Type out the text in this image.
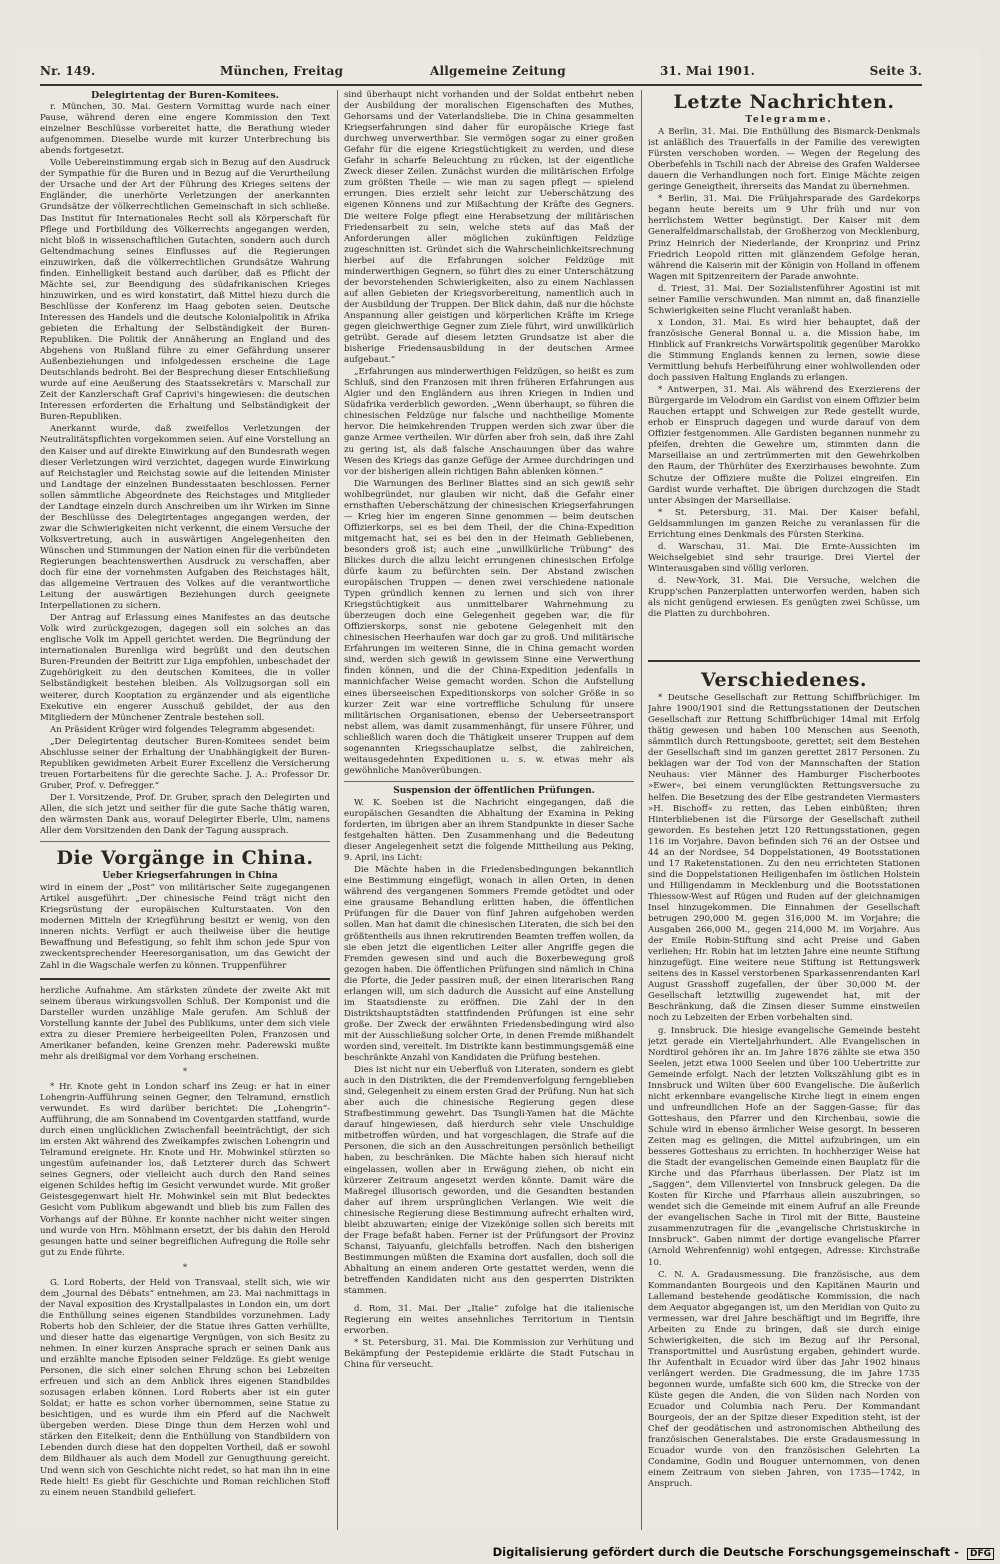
Nr. 149.	München, Freitag	Allgemeine Zeitung	31. Mai 1901.	Seite 3.

Delegirtentag der Buren-Komitees.

r. München, 30. Mai. Gestern Vormittag wurde nach einer Pause, während deren eine engere Kommission den Text einzelner Beschlüsse vorbereitet hatte, die Berathung wieder aufgenommen. Dieselbe wurde mit kurzer Unterbrechung bis abends fortgesetzt.

Volle Uebereinstimmung ergab sich in Bezug auf den Ausdruck der Sympathie für die Buren und in Bezug auf die Verurtheilung der Ursache und der Art der Führung des Krieges seitens der Engländer, die unerhörte Verletzungen der anerkannten Grundsätze der völkerrechtlichen Gemeinschaft in sich schließe. Das Institut für Internationales Recht soll als Körperschaft für Pflege und Fortbildung des Völkerrechts angegangen werden, nicht bloß in wissenschaftlichen Gutachten, sondern auch durch Geltendmachung seines Einflusses auf die Regierungen einzuwirken, daß die völkerrechtlichen Grundsätze Wahrung finden. Einhelligkeit bestand auch darüber, daß es Pflicht der Mächte sei, zur Beendigung des südafrikanischen Krieges hinzuwirken, und es wird konstatirt, daß Mittel hiezu durch die Beschlüsse der Konferenz im Haag geboten seien. Deutsche Interessen des Handels und die deutsche Kolonialpolitik in Afrika gebieten die Erhaltung der Selbständigkeit der Buren-Republiken. Die Politik der Annäherung an England und des Abgehens von Rußland führe zu einer Gefährdung unserer Außenbeziehungen und infolgedessen erscheine die Lage Deutschlands bedroht. Bei der Besprechung dieser Entschließung wurde auf eine Aeußerung des Staatssekretärs v. Marschall zur Zeit der Kanzlerschaft Graf Caprivi's hingewiesen: die deutschen Interessen erforderten die Erhaltung und Selbständigkeit der Buren-Republiken.

Anerkannt wurde, daß zweifellos Verletzungen der Neutralitätspflichten vorgekommen seien. Auf eine Vorstellung an den Kaiser und auf direkte Einwirkung auf den Bundesrath wegen dieser Verletzungen wird verzichtet, dagegen wurde Einwirkung auf Reichstagler und Reichstag sowie auf die leitenden Minister und Landtage der einzelnen Bundesstaaten beschlossen. Ferner sollen sämmtliche Abgeordnete des Reichstages und Mitglieder der Landtage einzeln durch Anschreiben um ihr Wirken im Sinne der Beschlüsse des Delegirtentages angegangen werden, der zwar die Schwierigkeiten nicht verkennt, die einem Versuche der Volksvertretung, auch in auswärtigen Angelegenheiten den Wünschen und Stimmungen der Nation einen für die verbündeten Regierungen beachtenswerthen Ausdruck zu verschaffen, aber doch für eine der vornehmsten Aufgaben des Reichstages hält, das allgemeine Vertrauen des Volkes auf die verantwortliche Leitung der auswärtigen Beziehungen durch geeignete Interpellationen zu sichern.

Der Antrag auf Erlassung eines Manifestes an das deutsche Volk wird zurückgezogen, dagegen soll ein solches an das englische Volk im Appell gerichtet werden. Die Begründung der internationalen Burenliga wird begrüßt und den deutschen Buren-Freunden der Beitritt zur Liga empfohlen, unbeschadet der Zugehörigkeit zu den deutschen Komitees, die in voller Selbständigkeit bestehen bleiben. Als Vollzugsorgan soll ein weiterer, durch Kooptation zu ergänzender und als eigentliche Exekutive ein engerer Ausschuß gebildet, der aus den Mitgliedern der Münchener Zentrale bestehen soll.

An Präsident Krüger wird folgendes Telegramm abgesendet:

„Der Delegirtentag deutscher Buren-Komitees sendet beim Abschlusse seiner der Erhaltung der Unabhängigkeit der Buren-Republiken gewidmeten Arbeit Eurer Excellenz die Versicherung treuen Fortarbeitens für die gerechte Sache. J. A.: Professor Dr. Gruber, Prof. v. Defregger.“

Der I. Vorsitzende, Prof. Dr. Gruber, sprach den Delegirten und Allen, die sich jetzt und seither für die gute Sache thätig waren, den wärmsten Dank aus, worauf Delegirter Eberle, Ulm, namens Aller dem Vorsitzenden den Dank der Tagung aussprach.

Die Vorgänge in China.

Ueber Kriegserfahrungen in China

wird in einem der „Post“ von militärischer Seite zugegangenen Artikel ausgeführt: „Der chinesische Feind trägt nicht den Kriegsrüstung der europäischen Kulturstaaten. Von den modernen Mitteln der Kriegführung besitzt er wenig, von den inneren nichts. Verfügt er auch theilweise über die heutige Bewaffnung und Befestigung, so fehlt ihm schon jede Spur von zweckentsprechender Heeresorganisation, um das Gewicht der Zahl in die Wagschale werfen zu können. Truppenführer

herzliche Aufnahme. Am stärksten zündete der zweite Akt mit seinem überaus wirkungsvollen Schluß. Der Komponist und die Darsteller wurden unzählige Male gerufen. Am Schluß der Vorstellung kannte der Jubel des Publikums, unter dem sich viele extra zu dieser Premiere herbeigeeilten Polen, Franzosen und Amerikaner befanden, keine Grenzen mehr. Paderewski mußte mehr als dreißigmal vor dem Vorhang erscheinen.

*

* Hr. Knote geht in London scharf ins Zeug: er hat in einer Lohengrin-Aufführung seinen Gegner, den Telramund, ernstlich verwundet. Es wird darüber berichtet: Die „Lohengrin“-Aufführung, die am Sonnabend im Coventgarden stattfand, wurde durch einen unglücklichen Zwischenfall beeinträchtigt, der sich im ersten Akt während des Zweikampfes zwischen Lohengrin und Telramund ereignete. Hr. Knote und Hr. Mohwinkel stürzten so ungestüm aufeinander los, daß Letzterer durch das Schwert seines Gegners, oder vielleicht auch durch den Rand seines eigenen Schildes heftig im Gesicht verwundet wurde. Mit großer Geistesgegenwart hielt Hr. Mohwinkel sein mit Blut bedecktes Gesicht vom Publikum abgewandt und blieb bis zum Fallen des Vorhangs auf der Bühne. Er konnte nachher nicht weiter singen und wurde von Hrn. Möhlmann ersetzt, der bis dahin den Herold gesungen hatte und seiner begreiflichen Aufregung die Rolle sehr gut zu Ende führte.

*

G. Lord Roberts, der Held von Transvaal, stellt sich, wie wir dem „Journal des Débats“ entnehmen, am 23. Mai nachmittags in der Naval exposition des Krystallpalastes in London ein, um dort die Enthüllung seines eigenen Standbildes vorzunehmen. Lady Roberts hob den Schleier, der die Statue ihres Gatten verhüllte, und dieser hatte das eigenartige Vergnügen, von sich Besitz zu nehmen. In einer kurzen Ansprache sprach er seinen Dank aus und erzählte manche Episoden seiner Feldzüge. Es giebt wenige Personen, die sich einer solchen Ehrung schon bei Lebzeiten erfreuen und sich an dem Anblick ihres eigenen Standbildes sozusagen erlaben können. Lord Roberts aber ist ein guter Soldat; er hatte es schon vorher übernommen, seine Statue zu besichtigen, und es wurde ihm ein Pferd auf die Nachwelt übergeben werden. Diese Dinge thun dem Herzen wohl und stärken den Eitelkeit; denn die Enthüllung von Standbildern von Lebenden durch diese hat den doppelten Vortheil, daß er sowohl dem Bildhauer als auch dem Modell zur Genugthuung gereicht. Und wenn sich von Geschichte nicht redet, so hat man ihn in eine Rede hielt! Es giebt für Geschichte und Roman reichlichen Stoff zu einem neuen Standbild geliefert.

sind überhaupt nicht vorhanden und der Soldat entbehrt neben der Ausbildung der moralischen Eigenschaften des Muthes, Gehorsams und der Vaterlandsliebe. Die in China gesammelten Kriegserfahrungen sind daher für europäische Kriege fast durchweg unverwerthbar. Sie vermögen sogar zu einer großen Gefahr für die eigene Kriegstüchtigkeit zu werden, und diese Gefahr in scharfe Beleuchtung zu rücken, ist der eigentliche Zweck dieser Zeilen. Zunächst wurden die militärischen Erfolge zum größten Theile — wie man zu sagen pflegt — spielend errungen. Dies erzielt sehr leicht zur Ueberschätzung des eigenen Könnens und zur Mißachtung der Kräfte des Gegners. Die weitere Folge pflegt eine Herabsetzung der militärischen Friedensarbeit zu sein, welche stets auf das Maß der Anforderungen aller möglichen zukünftigen Feldzüge zugeschnitten ist. Gründet sich die Wahrscheinlichkeitsrechnung hierbei auf die Erfahrungen solcher Feldzüge mit minderwerthigen Gegnern, so führt dies zu einer Unterschätzung der bevorstehenden Schwierigkeiten, also zu einem Nachlassen auf allen Gebieten der Kriegsvorbereitung, namentlich auch in der Ausbildung der Truppen. Der Blick dahin, daß nur die höchste Anspannung aller geistigen und körperlichen Kräfte im Kriege gegen gleichwerthige Gegner zum Ziele führt, wird unwillkürlich getrübt. Gerade auf diesem letzten Grundsatze ist aber die bisherige Friedensausbildung in der deutschen Armee aufgebaut.“

„Erfahrungen aus minderwerthigen Feldzügen, so heißt es zum Schluß, sind den Franzosen mit ihren früheren Erfahrungen aus Algier und den Engländern aus ihren Kriegen in Indien und Südafrika verderblich geworden. „Wenn überhaupt, so führen die chinesischen Feldzüge nur falsche und nachtheilige Momente hervor. Die heimkehrenden Truppen werden sich zwar über die ganze Armee vertheilen. Wir dürfen aber froh sein, daß ihre Zahl zu gering ist, als daß falsche Anschauungen über das wahre Wesen des Kriegs das ganze Gefüge der Armee durchdringen und vor der bisherigen allein richtigen Bahn ablenken können.“

Die Warnungen des Berliner Blattes sind an sich gewiß sehr wohlbegründet, nur glauben wir nicht, daß die Gefahr einer ernsthaften Ueberschätzung der chinesischen Kriegserfahrungen — Krieg hier im engeren Sinne genommen — beim deutschen Offizierkorps, sei es bei dem Theil, der die China-Expedition mitgemacht hat, sei es bei den in der Heimath Gebliebenen, besonders groß ist; auch eine „unwillkürliche Trübung“ des Blickes durch die allzu leicht errungenen chinesischen Erfolge dürfe kaum zu befürchten sein. Der Abstand zwischen europäischen Truppen — denen zwei verschiedene nationale Typen gründlich kennen zu lernen und sich von ihrer Kriegstüchtigkeit aus unmittelbarer Wahrnehmung zu überzeugen doch eine Gelegenheit gegeben war, die für Offizierskorps, sonst nie gebotene Gelegenheit mit den chinesischen Heerhaufen war doch gar zu groß. Und militärische Erfahrungen im weiteren Sinne, die in China gemacht worden sind, werden sich gewiß in gewissem Sinne eine Verwerthung finden können, und die der China-Expedition jedenfalls in mannichfacher Weise gemacht worden. Schon die Aufstellung eines überseeischen Expeditionskorps von solcher Größe in so kurzer Zeit war eine vortreffliche Schulung für unsere militärischen Organisationen, ebenso der Ueberseetransport nebst allem, was damit zusammenhängt, für unsere Führer, und schließlich waren doch die Thätigkeit unserer Truppen auf dem sogenannten Kriegsschauplatze selbst, die zahlreichen, weitausgedehnten Expeditionen u. s. w. etwas mehr als gewöhnliche Manöverübungen.

Suspension der öffentlichen Prüfungen.

W. K. Soeben ist die Nachricht eingegangen, daß die europäischen Gesandten die Abhaltung der Examina in Peking forderten, im übrigen aber an ihrem Standpunkte in dieser Sache festgehalten hätten. Den Zusammenhang und die Bedeutung dieser Angelegenheit setzt die folgende Mittheilung aus Peking, 9. April, ins Licht:

Die Mächte haben in die Friedensbedingungen bekanntlich eine Bestimmung eingefügt, wonach in allen Orten, in denen während des vergangenen Sommers Fremde getödtet und oder eine grausame Behandlung erlitten haben, die öffentlichen Prüfungen für die Dauer von fünf Jahren aufgehoben werden sollen. Man hat damit die chinesischen Literaten, die sich bei den größtentheils aus ihnen rekrutirenden Beamten treffen wollen, da sie eben jetzt die eigentlichen Leiter aller Angriffe gegen die Fremden gewesen sind und auch die Boxerbewegung groß gezogen haben. Die öffentlichen Prüfungen sind nämlich in China die Pforte, die Jeder passiren muß, der einen literarischen Rang erlangen will, um sich dadurch die Aussicht auf eine Anstellung im Staatsdienste zu eröffnen. Die Zahl der in den Distriktshauptstädten stattfindenden Prüfungen ist eine sehr große. Der Zweck der erwähnten Friedensbedingung wird also mit der Ausschließung solcher Orte, in denen Fremde mißhandelt worden sind, vereitelt. Im Distrikte kann bestimmungsgemäß eine beschränkte Anzahl von Kandidaten die Prüfung bestehen.

Dies ist nicht nur ein Ueberfluß von Literaten, sondern es giebt auch in den Distrikten, die der Fremdenverfolgung ferngeblieben sind, Gelegenheit zu einem ersten Grad der Prüfung. Nun hat sich aber auch die chinesische Regierung gegen diese Strafbestimmung gewehrt. Das Tsungli-Yamen hat die Mächte darauf hingewiesen, daß hierdurch sehr viele Unschuldige mitbetroffen würden, und hat vorgeschlagen, die Strafe auf die Personen, die sich an den Ausschreitungen persönlich betheiligt haben, zu beschränken. Die Mächte haben sich hierauf nicht eingelassen, wollen aber in Erwägung ziehen, ob nicht ein kürzerer Zeitraum angesetzt werden könnte. Damit wäre die Maßregel illusorisch geworden, und die Gesandten bestanden daher auf ihrem ursprünglichen Verlangen. Wie weit die chinesische Regierung diese Bestimmung aufrecht erhalten wird, bleibt abzuwarten; einige der Vizekönige sollen sich bereits mit der Frage befaßt haben. Ferner ist der Prüfungsort der Provinz Schansi, Taiyuanfu, gleichfalls betroffen. Nach den bisherigen Bestimmungen müßten die Examina dort ausfallen, doch soll die Abhaltung an einem anderen Orte gestattet werden, wenn die betreffenden Kandidaten nicht aus den gesperrten Distrikten stammen.

d. Rom, 31. Mai. Der „Italie“ zufolge hat die italienische Regierung ein weites ansehnliches Territorium in Tientsin erworben.

* St. Petersburg, 31. Mai. Die Kommission zur Verhütung und Bekämpfung der Pestepidemie erklärte die Stadt Futschau in China für verseucht.

Letzte Nachrichten.

Telegramme.

A Berlin, 31. Mai. Die Enthüllung des Bismarck-Denkmals ist anläßlich des Trauerfalls in der Familie des verewigten Fürsten verschoben worden. — Wegen der Regelung des Oberbefehls in Tschili nach der Abreise des Grafen Waldersee dauern die Verhandlungen noch fort. Einige Mächte zeigen geringe Geneigtheit, ihrerseits das Mandat zu übernehmen.

* Berlin, 31. Mai. Die Frühjahrsparade des Gardekorps begann heute bereits um 9 Uhr früh und nur von herrlichstem Wetter begünstigt. Der Kaiser mit dem Generalfeldmarschallstab, der Großherzog von Mecklenburg, Prinz Heinrich der Niederlande, der Kronprinz und Prinz Friedrich Leopold ritten mit glänzendem Gefolge heran, während die Kaiserin mit der Königin von Holland in offenem Wagen mit Spitzenreitern der Parade anwohnte.

d. Triest, 31. Mai. Der Sozialistenführer Agostini ist mit seiner Familie verschwunden. Man nimmt an, daß finanzielle Schwierigkeiten seine Flucht veranlaßt haben.

x London, 31. Mai. Es wird hier behauptet, daß der französische General Bonnal u. a. die Mission habe, im Hinblick auf Frankreichs Vorwärtspolitik gegenüber Marokko die Stimmung Englands kennen zu lernen, sowie diese Vermittlung behufs Herbeiführung einer wohlwollenden oder doch passiven Haltung Englands zu erlangen.

* Antwerpen, 31. Mai. Als während des Exerzierens der Bürgergarde im Velodrom ein Gardist von einem Offizier beim Rauchen ertappt und Schweigen zur Rede gestellt wurde, erhob er Einspruch dagegen und wurde darauf von dem Offizier festgenommen. Alle Gardisten begannen nunmehr zu pfeifen, drehten die Gewehre um, stimmten dann die Marseillaise an und zertrümmerten mit den Gewehrkolben den Raum, der Thürhüter des Exerzirhauses bewohnte. Zum Schutze der Offiziere mußte die Polizei eingreifen. Ein Gardist wurde verhaftet. Die übrigen durchzogen die Stadt unter Absingen der Marseillaise.

* St. Petersburg, 31. Mai. Der Kaiser befahl, Geldsammlungen im ganzen Reiche zu veranlassen für die Errichtung eines Denkmals des Fürsten Sterkina.

d. Warschau, 31. Mai. Die Ernte-Aussichten im Weichselgebiet sind sehr traurige. Drei Viertel der Winterausgaben sind völlig verloren.

d. New-York, 31. Mai. Die Versuche, welchen die Krupp'schen Panzerplatten unterworfen werden, haben sich als nicht genügend erwiesen. Es genügten zwei Schüsse, um die Platten zu durchbohren.

Verschiedenes.

* Deutsche Gesellschaft zur Rettung Schiffbrüchiger. Im Jahre 1900/1901 sind die Rettungsstationen der Deutschen Gesellschaft zur Rettung Schiffbrüchiger 14mal mit Erfolg thätig gewesen und haben 100 Menschen aus Seenoth, sämmtlich durch Rettungsboote, gerettet; seit dem Bestehen der Gesellschaft sind im ganzen gerettet 2817 Personen. Zu beklagen war der Tod von der Mannschaften der Station Neuhaus: vier Männer des Hamburger Fischerbootes »Ewer«, bei einem verunglückten Rettungsversuche zu helfen. Die Besetzung des der Elbe gestrandeten Viermasters »H. Bischoff« zu retten, das Leben einbüßten; ihren Hinterbliebenen ist die Fürsorge der Gesellschaft zutheil geworden. Es bestehen jetzt 120 Rettungsstationen, gegen 116 im Vorjahre. Davon befinden sich 76 an der Ostsee und 44 an der Nordsee, 54 Doppelstationen, 49 Bootsstationen und 17 Raketenstationen. Zu den neu errichteten Stationen sind die Doppelstationen Heiligenhafen im östlichen Holstein und Hilligendamm in Mecklenburg und die Bootsstationen Thiessow-West auf Rügen und Ruden auf der gleichnamigen Insel hinzugekommen. Die Einnahmen der Gesellschaft betrugen 290,000 M. gegen 316,000 M. im Vorjahre; die Ausgaben 266,000 M., gegen 214,000 M. im Vorjahre. Aus der Emile Robin-Stiftung sind acht Preise und Gaben verliehen; Hr. Robin hat im letzten Jahre eine neunte Stiftung hinzugefügt. Eine weitere neue Stiftung ist Rettungswerk seitens des in Kassel verstorbenen Sparkassenrendanten Karl August Grasshoff zugefallen, der über 30,000 M. der Gesellschaft letztwillig zugewendet hat, mit der Beschränkung, daß die Zinsen dieser Summe einstweilen noch zu Lebzeiten der Erben vorbehalten sind.

g. Innsbruck. Die hiesige evangelische Gemeinde besteht jetzt gerade ein Vierteljahrhundert. Alle Evangelischen in Nordtirol gehören ihr an. Im Jahre 1876 zählte sie etwa 350 Seelen, jetzt etwa 1000 Seelen und über 100 Uebertritte zur Gemeinde erfolgt. Nach der letzten Volkszählung gibt es in Innsbruck und Wilten über 600 Evangelische. Die äußerlich nicht erkennbare evangelische Kirche liegt in einem engen und unfreundlichen Hofe an der Saggen-Gasse; für das Gotteshaus, den Pfarrer und den Kirchenbau, sowie die Schule wird in ebenso ärmlicher Weise gesorgt. In besseren Zeiten mag es gelingen, die Mittel aufzubringen, um ein besseres Gotteshaus zu errichten. In hochherziger Weise hat die Stadt der evangelischen Gemeinde einen Bauplatz für die Kirche und das Pfarrhaus überlassen. Der Platz ist im „Saggen“, dem Villenviertel von Innsbruck gelegen. Da die Kosten für Kirche und Pfarrhaus allein auszubringen, so wendet sich die Gemeinde mit einem Aufruf an alle Freunde der evangelischen Sache in Tirol mit der Bitte, Bausteine zusammenzutragen für die „evangelische Christuskirche in Innsbruck“. Gaben nimmt der dortige evangelische Pfarrer (Arnold Wehrenfennig) wohl entgegen, Adresse: Kirchstraße 10.

C. N. A. Gradausmessung. Die französische, aus dem Kommandanten Bourgeois und den Kapitänen Maurin und Lallemand bestehende geodätische Kommission, die nach dem Aequator abgegangen ist, um den Meridian von Quito zu vermessen, war drei Jahre beschäftigt und im Begriffe, ihre Arbeiten zu Ende zu bringen, daß sie durch einige Schwierigkeiten, die sich im Bezug auf ihr Personal, Transportmittel und Ausrüstung ergaben, gehindert wurde. Ihr Aufenthalt in Ecuador wird über das Jahr 1902 hinaus verlängert werden. Die Gradmessung, die im Jahre 1735 begonnen wurde, umfaßte sich 600 km, die Strecke von der Küste gegen die Anden, die von Süden nach Norden von Ecuador und Columbia nach Peru. Der Kommandant Bourgeois, der an der Spitze dieser Expedition steht, ist der Chef der geodätischen und astronomischen Abtheilung des französischen Generalstabes. Die erste Gradausmessung in Ecuador wurde von den französischen Gelehrten La Condamine, Godin und Bouguer unternommen, von denen einem Zeitraum von sieben Jahren, von 1735—1742, in Anspruch.

Digitalisierung gefördert durch die Deutsche Forschungsgemeinschaft - DFG
